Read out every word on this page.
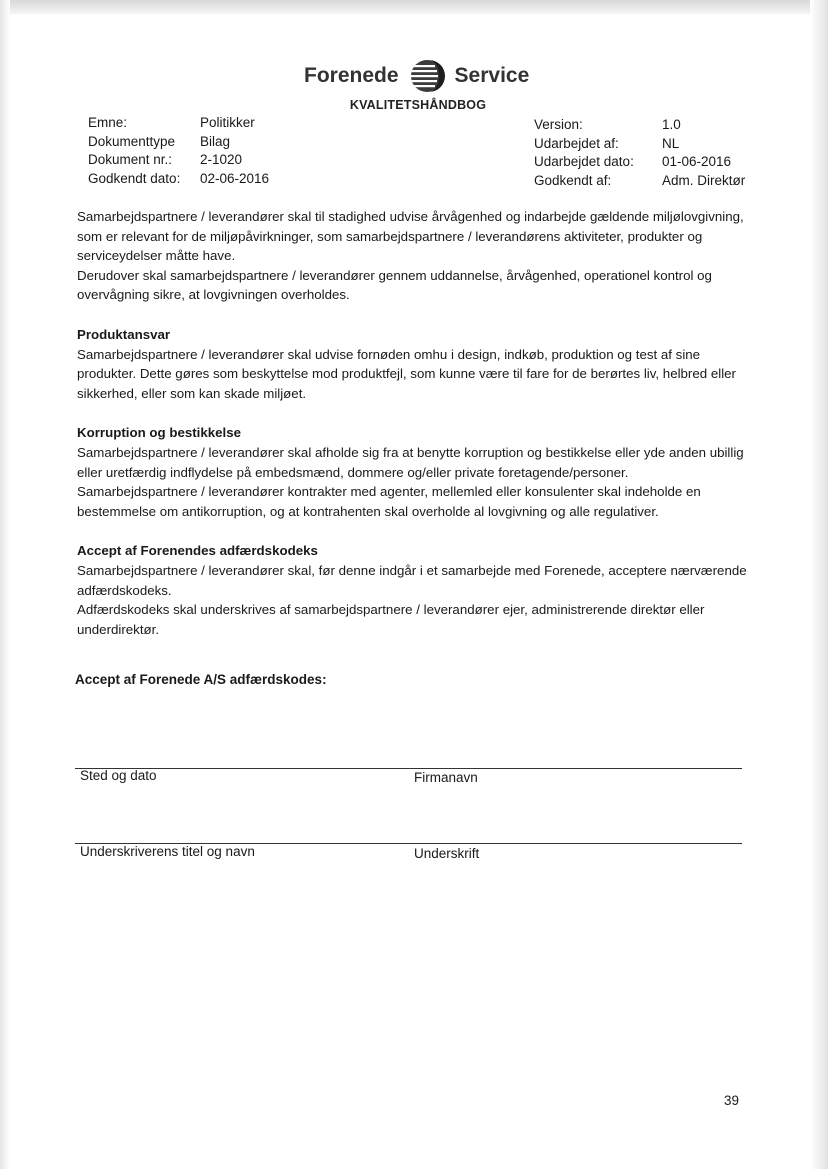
Forenede	Service
KVALITETSHÅNDBOG
Emne:	Politikker
Dokumenttype	Bilag
Dokument nr.:	2-1020
Godkendt dato:	02-06-2016
Version:	1.0
Udarbejdet af:	NL
Udarbejdet dato:	01-06-2016
Godkendt af:	Adm. Direktør

Samarbejdspartnere / leverandører skal til stadighed udvise årvågenhed og indarbejde gældende miljølovgivning, som er relevant for de miljøpåvirkninger, som samarbejdspartnere / leverandørens aktiviteter, produkter og serviceydelser måtte have.

Derudover skal samarbejdspartnere / leverandører gennem uddannelse, årvågenhed, operationel kontrol og overvågning sikre, at lovgivningen overholdes.

Produktansvar

Samarbejdspartnere / leverandører skal udvise fornøden omhu i design, indkøb, produktion og test af sine produkter. Dette gøres som beskyttelse mod produktfejl, som kunne være til fare for de berørtes liv, helbred eller sikkerhed, eller som kan skade miljøet.

Korruption og bestikkelse

Samarbejdspartnere / leverandører skal afholde sig fra at benytte korruption og bestikkelse eller yde anden ubillig eller uretfærdig indflydelse på embedsmænd, dommere og/eller private foretagende/personer.

Samarbejdspartnere / leverandører kontrakter med agenter, mellemled eller konsulenter skal indeholde en bestemmelse om antikorruption, og at kontrahenten skal overholde al lovgivning og alle regulativer.

Accept af Forenendes adfærdskodeks

Samarbejdspartnere / leverandører skal, før denne indgår i et samarbejde med Forenede, acceptere nærværende adfærdskodeks.

Adfærdskodeks skal underskrives af samarbejdspartnere / leverandører ejer, administrerende direktør eller underdirektør.

Accept af Forenede A/S adfærdskodes:
Sted og dato	Firmanavn
Underskriverens titel og navn	Underskrift
39
